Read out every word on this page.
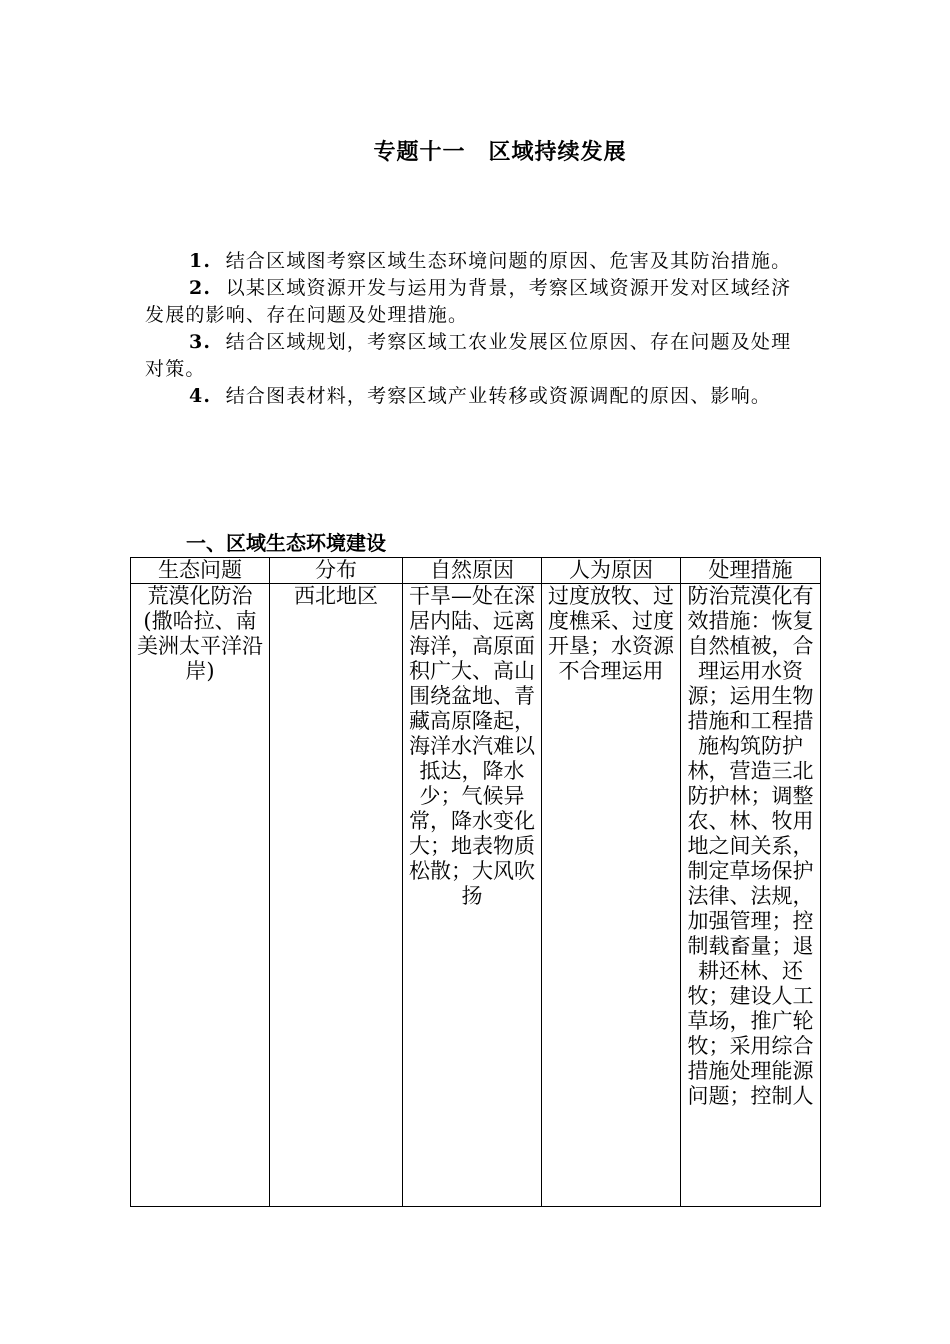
专题十一　区域持续发展

1. 结合区域图考察区域生态环境问题的原因、危害及其防治措施。

2. 以某区域资源开发与运用为背景，考察区域资源开发对区域经济发展的影响、存在问题及处理措施。

3. 结合区域规划，考察区域工农业发展区位原因、存在问题及处理对策。

4. 结合图表材料，考察区域产业转移或资源调配的原因、影响。

一、区域生态环境建设
生态问题	分布	自然原因	人为原因	处理措施
荒漠化防治(撒哈拉、南美洲太平洋沿岸)	西北地区	干旱—处在深居内陆、远离海洋，高原面积广大、高山围绕盆地、青藏高原隆起，海洋水汽难以抵达，降水少；气候异常，降水变化大；地表物质松散；大风吹扬	过度放牧、过度樵采、过度开垦；水资源不合理运用	防治荒漠化有效措施：恢复自然植被，合理运用水资源；运用生物措施和工程措施构筑防护林，营造三北防护林；调整农、林、牧用地之间关系，制定草场保护法律、法规，加强管理；控制载畜量；退耕还林、还牧；建设人工草场，推广轮牧；采用综合措施处理能源问题；控制人
